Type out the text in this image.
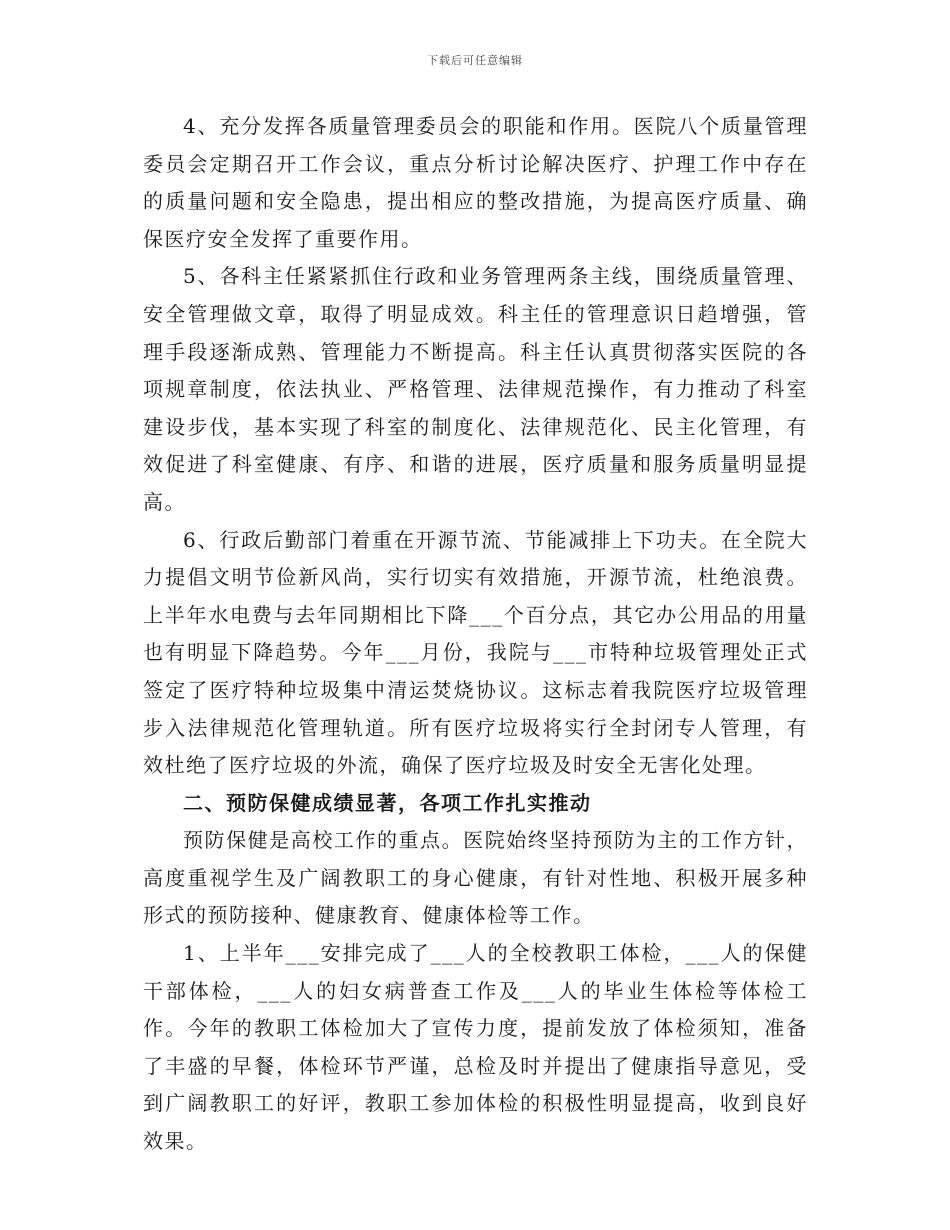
下载后可任意编辑

4、充分发挥各质量管理委员会的职能和作用。医院八个质量管理委员会定期召开工作会议，重点分析讨论解决医疗、护理工作中存在的质量问题和安全隐患，提出相应的整改措施，为提高医疗质量、确保医疗安全发挥了重要作用。

5、各科主任紧紧抓住行政和业务管理两条主线，围绕质量管理、安全管理做文章，取得了明显成效。科主任的管理意识日趋增强，管理手段逐渐成熟、管理能力不断提高。科主任认真贯彻落实医院的各项规章制度，依法执业、严格管理、法律规范操作，有力推动了科室建设步伐，基本实现了科室的制度化、法律规范化、民主化管理，有效促进了科室健康、有序、和谐的进展，医疗质量和服务质量明显提高。

6、行政后勤部门着重在开源节流、节能减排上下功夫。在全院大力提倡文明节俭新风尚，实行切实有效措施，开源节流，杜绝浪费。上半年水电费与去年同期相比下降___个百分点，其它办公用品的用量也有明显下降趋势。今年___月份，我院与___市特种垃圾管理处正式签定了医疗特种垃圾集中清运焚烧协议。这标志着我院医疗垃圾管理步入法律规范化管理轨道。所有医疗垃圾将实行全封闭专人管理，有效杜绝了医疗垃圾的外流，确保了医疗垃圾及时安全无害化处理。

二、预防保健成绩显著，各项工作扎实推动

预防保健是高校工作的重点。医院始终坚持预防为主的工作方针，高度重视学生及广阔教职工的身心健康，有针对性地、积极开展多种形式的预防接种、健康教育、健康体检等工作。

1、上半年___安排完成了___人的全校教职工体检，___人的保健干部体检，___人的妇女病普查工作及___人的毕业生体检等体检工作。今年的教职工体检加大了宣传力度，提前发放了体检须知，准备了丰盛的早餐，体检环节严谨，总检及时并提出了健康指导意见，受到广阔教职工的好评，教职工参加体检的积极性明显提高，收到良好效果。
